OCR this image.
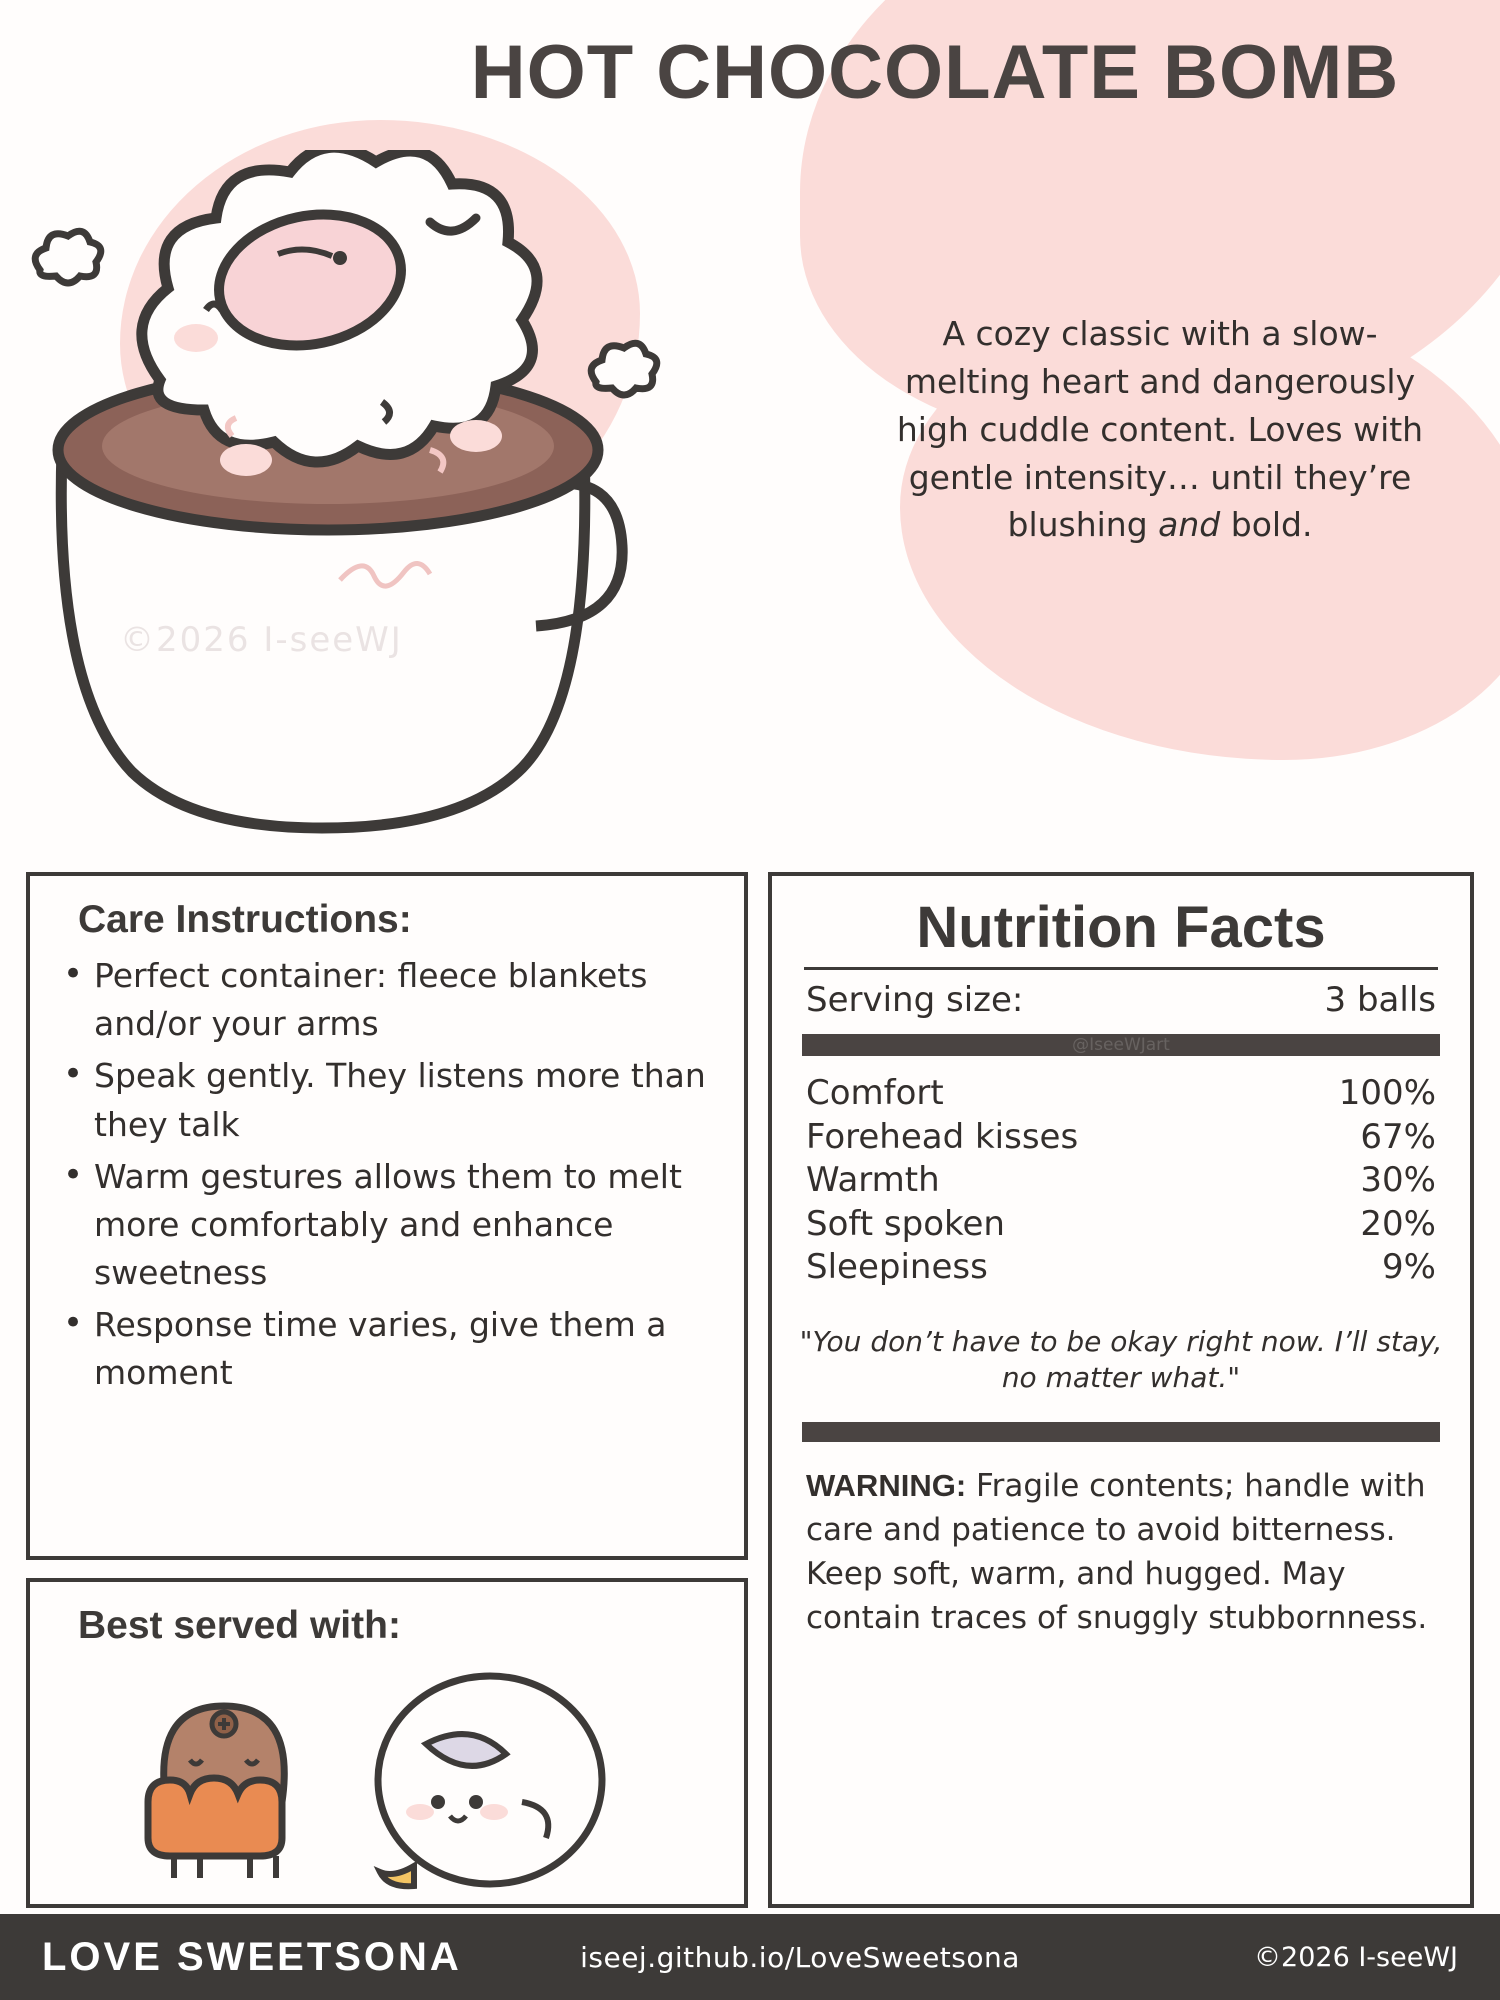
HOT CHOCOLATE BOMB
A cozy classic with a slow-melting heart and dangerously high cuddle content. Loves with gentle intensity… until they’re blushing and bold.
©2026 I-seeWJ
Care Instructions:
• Perfect container: fleece blankets and/or your arms
• Speak gently. They listens more than they talk
• Warm gestures allows them to melt more comfortably and enhance sweetness
• Response time varies, give them a moment
Best served with:
Nutrition Facts
Serving size:	3 balls
@IseeWJart
Comfort	100%
Forehead kisses	67%
Warmth	30%
Soft spoken	20%
Sleepiness	9%
"You don’t have to be okay right now. I’ll stay, no matter what."
WARNING: Fragile contents; handle with care and patience to avoid bitterness. Keep soft, warm, and hugged. May contain traces of snuggly stubbornness.
LOVE SWEETSONA	iseej.github.io/LoveSweetsona	©2026 I-seeWJ
